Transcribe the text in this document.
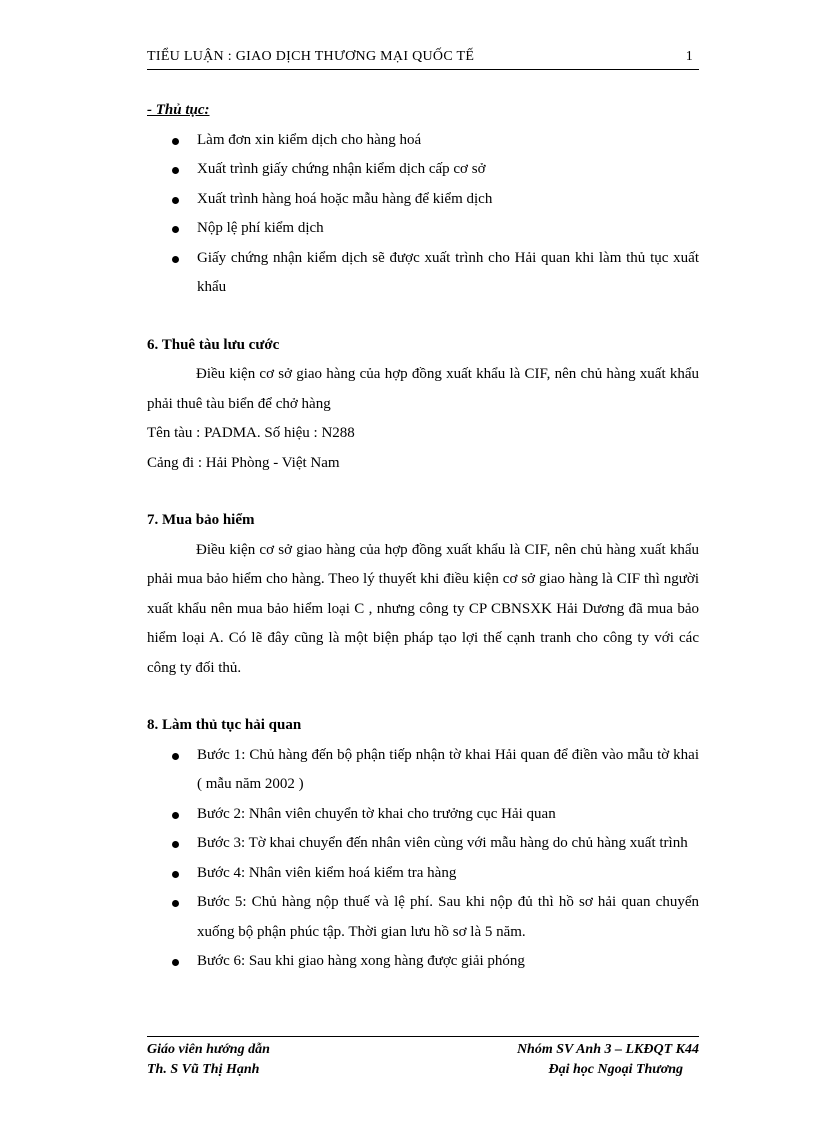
TIỂU LUẬN : GIAO DỊCH THƯƠNG MẠI QUỐC TẾ	1

- Thủ tục:

Làm đơn xin kiểm dịch cho hàng hoá
Xuất trình giấy chứng nhận kiểm dịch cấp cơ sở
Xuất trình hàng hoá hoặc mẫu hàng để kiểm dịch
Nộp lệ phí kiểm dịch
Giấy chứng nhận kiểm dịch sẽ được xuất trình cho Hải quan khi làm thủ tục xuất khẩu

6. Thuê tàu lưu cước

Điều kiện cơ sở giao hàng của hợp đồng xuất khẩu là CIF, nên chủ hàng xuất khẩu phải thuê tàu biển để chở hàng

Tên tàu : PADMA. Số hiệu : N288

Cảng đi : Hải Phòng - Việt Nam

7. Mua bảo hiểm

Điều kiện cơ sở giao hàng của hợp đồng xuất khẩu là CIF, nên chủ hàng xuất khẩu phải mua bảo hiểm cho hàng. Theo lý thuyết khi điều kiện cơ sở giao hàng là CIF thì người xuất khẩu nên mua bảo hiểm loại C , nhưng công ty CP CBNSXK Hải Dương đã mua bảo hiểm loại A. Có lẽ đây cũng là một biện pháp tạo lợi thế cạnh tranh cho công ty với các công ty đối thủ.

8. Làm thủ tục hải quan

Bước 1: Chủ hàng đến bộ phận tiếp nhận tờ khai Hải quan để điền vào mẫu tờ khai ( mẫu năm 2002 )
Bước 2: Nhân viên chuyển tờ khai cho trưởng cục Hải quan
Bước 3: Tờ khai chuyển đến nhân viên cùng với mẫu hàng do chủ hàng xuất trình
Bước 4: Nhân viên kiểm hoá kiểm tra hàng
Bước 5: Chủ hàng nộp thuế và lệ phí. Sau khi nộp đủ thì hồ sơ hải quan chuyển xuống bộ phận phúc tập. Thời gian lưu hồ sơ là 5 năm.
Bước 6: Sau khi giao hàng xong hàng được giải phóng
Giáo viên hướng dẫn
Th. S Vũ Thị Hạnh
Nhóm SV Anh 3 – LKĐQT K44
Đại học Ngoại Thương
